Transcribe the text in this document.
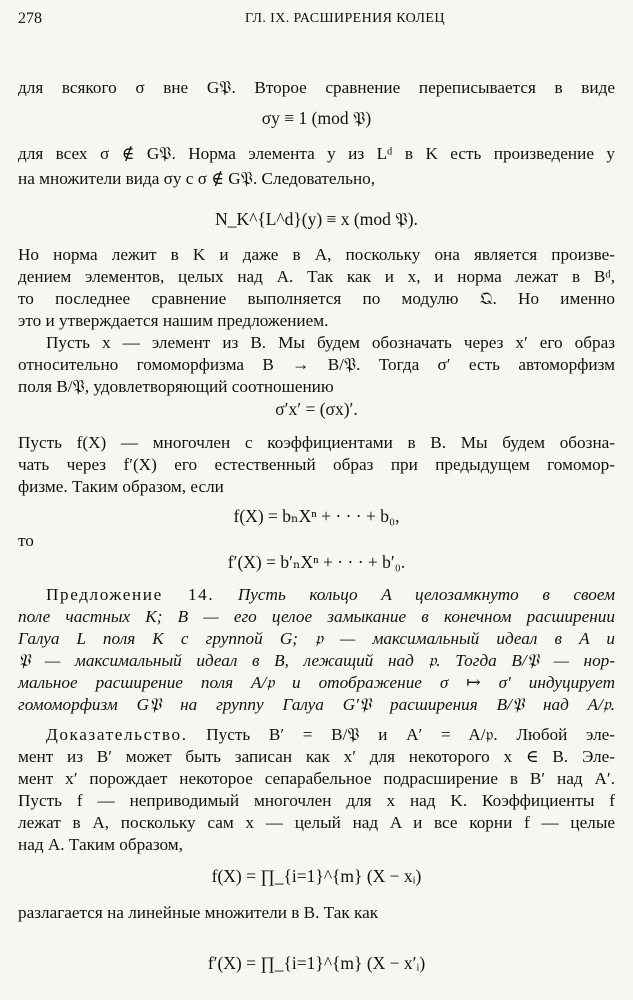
278	ГЛ. IX. РАСШИРЕНИЯ КОЛЕЦ
для всякого σ вне G𝔓. Второе сравнение переписывается в виде
σy ≡ 1 (mod 𝔓)
для всех σ ∉ G𝔓. Норма элемента y из Lᵈ в K есть произведение y
на множители вида σy с σ ∉ G𝔓. Следовательно,
N_K^{L^d}(y) ≡ x (mod 𝔓).
Но норма лежит в K и даже в A, поскольку она является произве-
дением элементов, целых над A. Так как и x, и норма лежат в Bᵈ,
то последнее сравнение выполняется по модулю 𝔔. Но именно
это и утверждается нашим предложением.
Пусть x — элемент из B. Мы будем обозначать через x′ его образ
относительно гомоморфизма B → B/𝔓. Тогда σ′ есть автоморфизм
поля B/𝔓, удовлетворяющий соотношению
σ′x′ = (σx)′.
Пусть f(X) — многочлен с коэффициентами в B. Мы будем обозна-
чать через f′(X) его естественный образ при предыдущем гомомор-
физме. Таким образом, если
f(X) = bₙXⁿ + · · · + b₀,
то
f′(X) = b′ₙXⁿ + · · · + b′₀.
Предложение 14. Пусть кольцо A целозамкнуто в своем
поле частных K; B — его целое замыкание в конечном расширении
Галуа L поля K с группой G; 𝔭 — максимальный идеал в A и
𝔓 — максимальный идеал в B, лежащий над 𝔭. Тогда B/𝔓 — нор-
мальное расширение поля A/𝔭 и отображение σ ↦ σ′ индуцирует
гомоморфизм G𝔓 на группу Галуа G′𝔓 расширения B/𝔓 над A/𝔭.
Доказательство. Пусть B′ = B/𝔓 и A′ = A/𝔭. Любой эле-
мент из B′ может быть записан как x′ для некоторого x ∈ B. Эле-
мент x′ порождает некоторое сепарабельное подрасширение в B′ над A′.
Пусть f — неприводимый многочлен для x над K. Коэффициенты f
лежат в A, поскольку сам x — целый над A и все корни f — целые
над A. Таким образом,
f(X) = ∏_{i=1}^{m} (X − xᵢ)
разлагается на линейные множители в B. Так как
f′(X) = ∏_{i=1}^{m} (X − x′ᵢ)
